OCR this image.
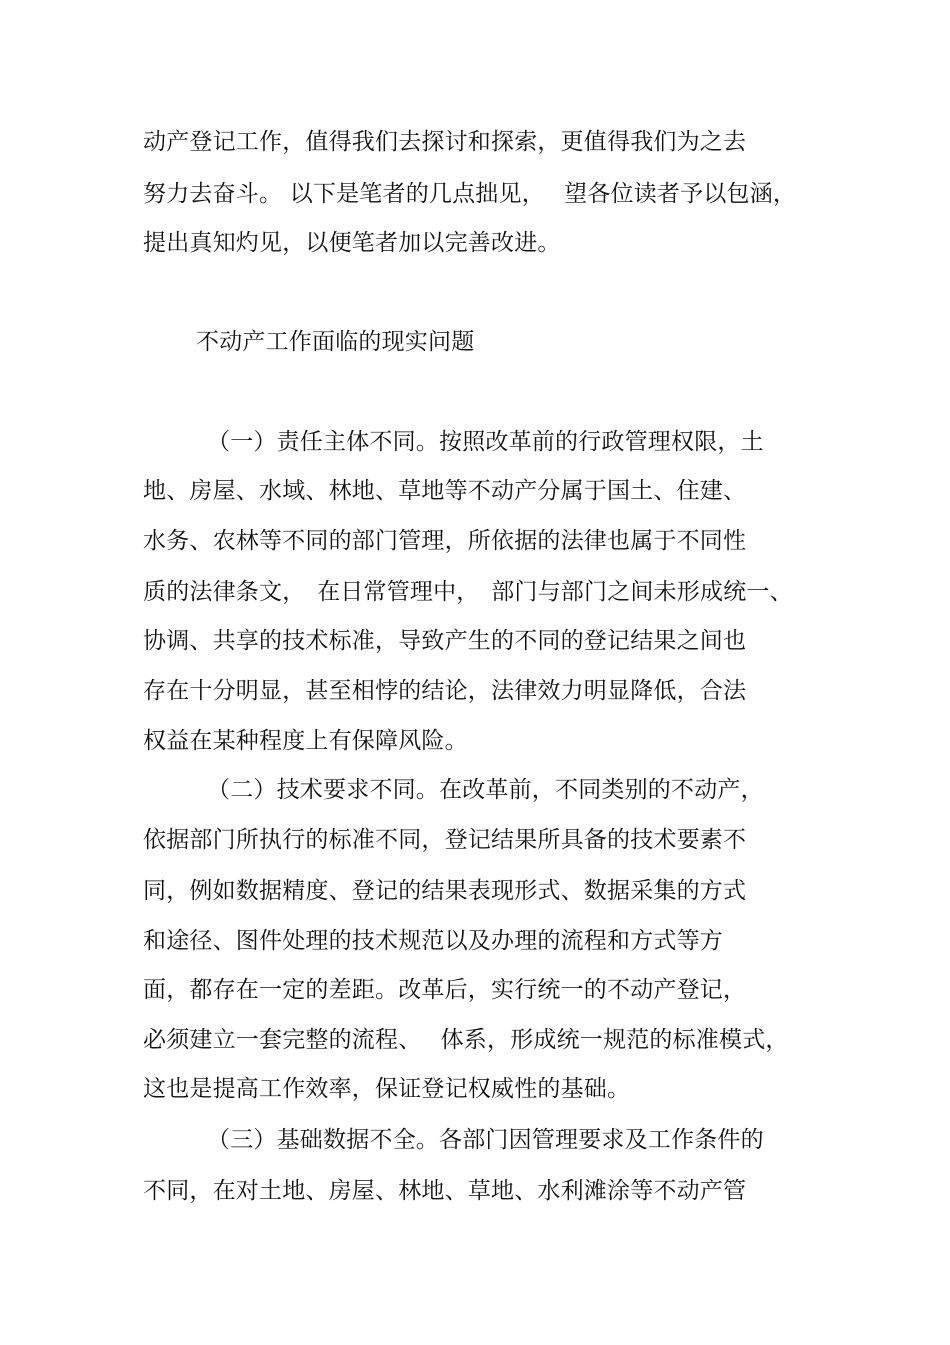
动产登记工作，值得我们去探讨和探索，更值得我们为之去
努力去奋斗。 以下是笔者的几点拙见，　 望各位读者予以包涵，
提出真知灼见，以便笔者加以完善改进。
不动产工作面临的现实问题
（一）责任主体不同。按照改革前的行政管理权限，土
地、房屋、水域、林地、草地等不动产分属于国土、住建、
水务、农林等不同的部门管理，所依据的法律也属于不同性
质的法律条文，　在日常管理中，　部门与部门之间未形成统一、
协调、共享的技术标准，导致产生的不同的登记结果之间也
存在十分明显，甚至相悖的结论，法律效力明显降低，合法
权益在某种程度上有保障风险。
（二）技术要求不同。在改革前，不同类别的不动产，
依据部门所执行的标准不同，登记结果所具备的技术要素不
同，例如数据精度、登记的结果表现形式、数据采集的方式
和途径、图件处理的技术规范以及办理的流程和方式等方
面，都存在一定的差距。改革后，实行统一的不动产登记，
必须建立一套完整的流程、　 体系，形成统一规范的标准模式，
这也是提高工作效率，保证登记权威性的基础。
（三）基础数据不全。各部门因管理要求及工作条件的
不同，在对土地、房屋、林地、草地、水利滩涂等不动产管
